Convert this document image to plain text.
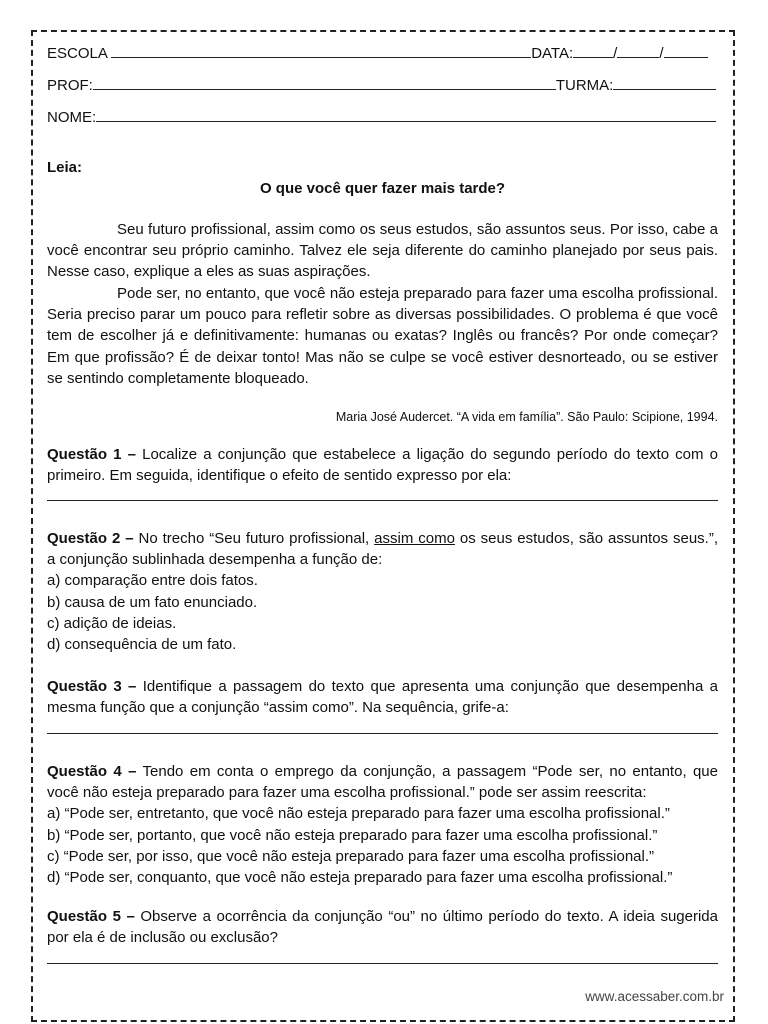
ESCOLA	DATA:	/	/
PROF:	TURMA:
NOME:
Leia:
O que você quer fazer mais tarde?
Seu futuro profissional, assim como os seus estudos, são assuntos seus. Por isso, cabe a você encontrar seu próprio caminho. Talvez ele seja diferente do caminho planejado por seus pais. Nesse caso, explique a eles as suas aspirações.
Pode ser, no entanto, que você não esteja preparado para fazer uma escolha profissional. Seria preciso parar um pouco para refletir sobre as diversas possibilidades. O problema é que você tem de escolher já e definitivamente: humanas ou exatas? Inglês ou francês? Por onde começar? Em que profissão? É de deixar tonto! Mas não se culpe se você estiver desnorteado, ou se estiver se sentindo completamente bloqueado.
Maria José Audercet. “A vida em família”. São Paulo: Scipione, 1994.
Questão 1 – Localize a conjunção que estabelece a ligação do segundo período do texto com o primeiro. Em seguida, identifique o efeito de sentido expresso por ela:
Questão 2 – No trecho “Seu futuro profissional, assim como os seus estudos, são assuntos seus.”, a conjunção sublinhada desempenha a função de:
a) comparação entre dois fatos.
b) causa de um fato enunciado.
c) adição de ideias.
d) consequência de um fato.
Questão 3 – Identifique a passagem do texto que apresenta uma conjunção que desempenha a mesma função que a conjunção “assim como”. Na sequência, grife-a:
Questão 4 – Tendo em conta o emprego da conjunção, a passagem “Pode ser, no entanto, que você não esteja preparado para fazer uma escolha profissional.” pode ser assim reescrita:
a) “Pode ser, entretanto, que você não esteja preparado para fazer uma escolha profissional.”
b) “Pode ser, portanto, que você não esteja preparado para fazer uma escolha profissional.”
c) “Pode ser, por isso, que você não esteja preparado para fazer uma escolha profissional.”
d) “Pode ser, conquanto, que você não esteja preparado para fazer uma escolha profissional.”
Questão 5 – Observe a ocorrência da conjunção “ou” no último período do texto. A ideia sugerida por ela é de inclusão ou exclusão?
www.acessaber.com.br
